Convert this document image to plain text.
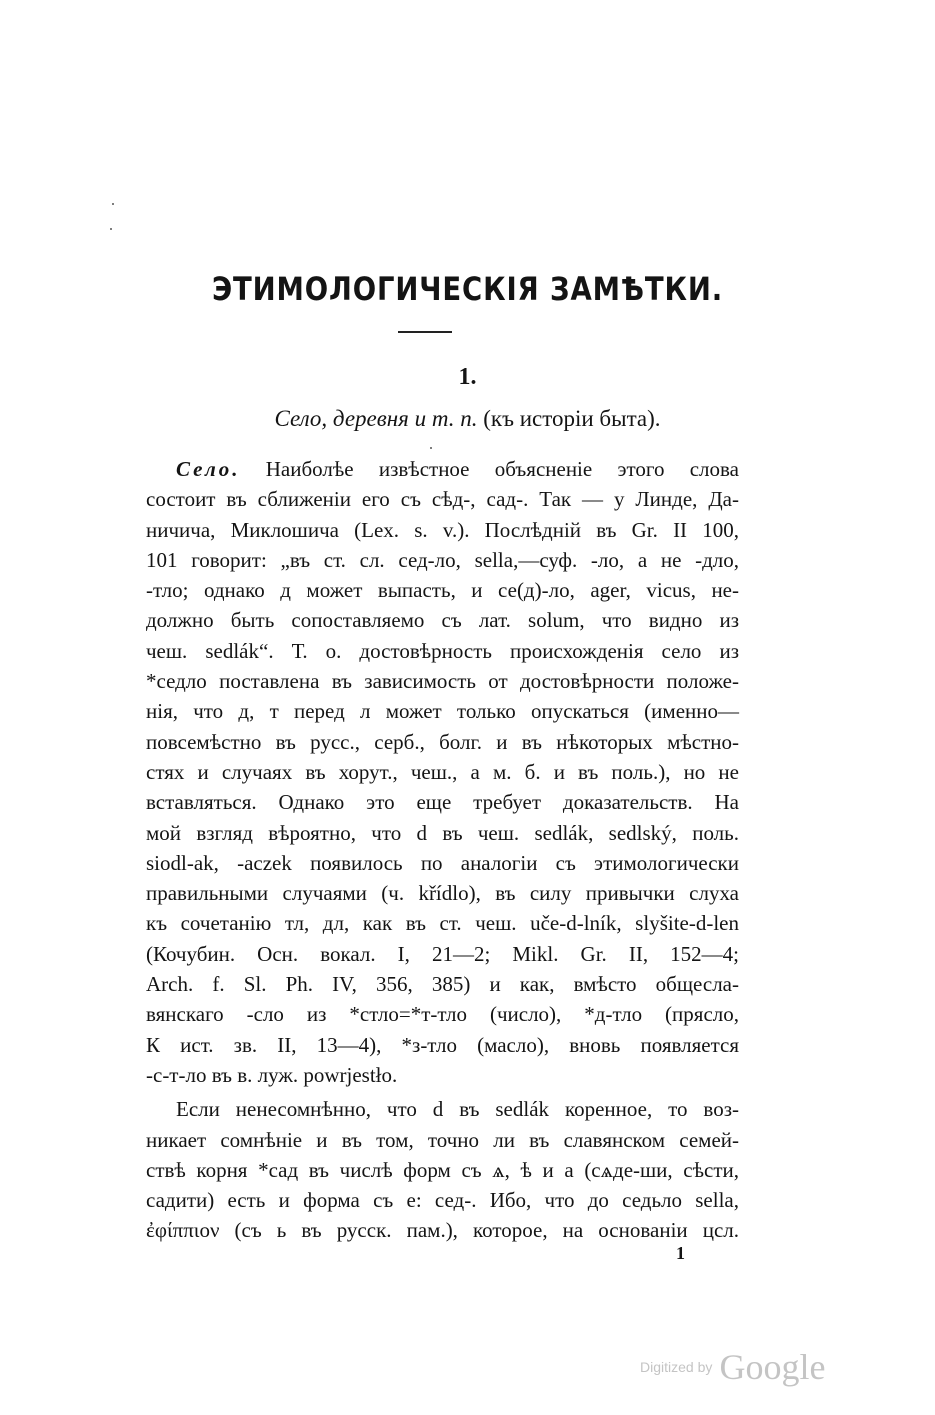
ЭТИМОЛОГИЧЕСКIЯ ЗАМѢТКИ.
1.
Село, деревня и т. п. (къ исторiи быта).
Село. Наиболѣе извѣстное объясненiе этого слова
состоит въ сближенiи его съ сѣд-, сад-. Так — у Линде, Да-
ничича, Миклошича (Lex. s. v.). Послѣднiй въ Gr. II 100,
101 говорит: „въ ст. сл. сед-ло, sella,—суф. -ло, а не -дло,
-тло; однако д может выпасть, и се(д)-ло, ager, vicus, не-
должно быть сопоставляемо съ лат. solum, что видно из
чеш. sedlák“. Т. о. достовѣрность происхожденiя село из
*седло поставлена въ зависимость от достовѣрности положе-
нiя, что д, т перед л может только опускаться (именно—
повсемѣстно въ русс., серб., болг. и въ нѣкоторых мѣстно-
стях и случаях въ хорут., чеш., а м. б. и въ поль.), но не
вставляться. Однако это еще требует доказательств. На
мой взгляд вѣроятно, что d въ чеш. sedlák, sedlský, поль.
siodl-ak, -aczek появилось по аналогiи съ этимологически
правильными случаями (ч. křídlo), въ силу привычки слуха
къ сочетанiю тл, дл, как въ ст. чеш. uče-d-lník, slyšite-d-len
(Кочубин. Осн. вокал. I, 21—2; Mikl. Gr. II, 152—4;
Arch. f. Sl. Ph. IV, 356, 385) и как, вмѣсто общесла-
вянскаго -сло из *стло=*т-тло (число), *д-тло (прясло,
К ист. зв. II, 13—4), *з-тло (масло), вновь появляется
-с-т-ло въ в. луж. powrjestło.
Если ненесомнѣнно, что d въ sedlák коренное, то воз-
никает сомнѣнiе и въ том, точно ли въ славянском семей-
ствѣ корня *сад въ числѣ форм съ ѧ, ѣ и а (сѧде-ши, сѣсти,
садити) есть и форма съ е: сед-. Ибо, что до седьло sella,
ἐφίππιον (съ ь въ русск. пам.), которое, на основанiи цсл.
1
Digitized by Google
